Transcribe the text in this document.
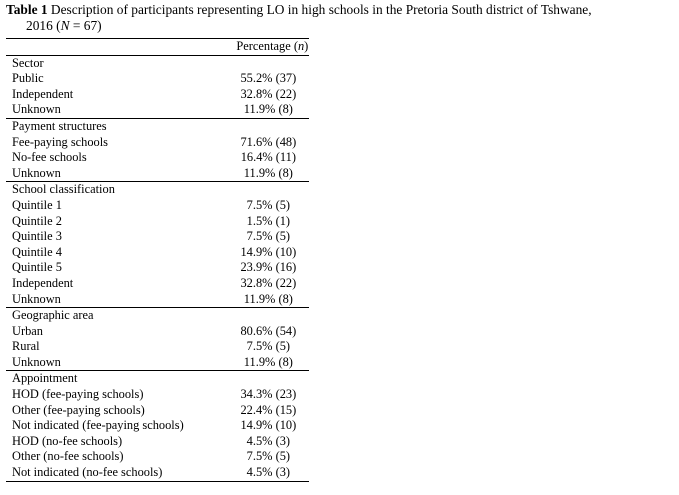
Table 1 Description of participants representing LO in high schools in the Pretoria South district of Tshwane,
2016 (N = 67)
	Percentage (n)
Sector	
Public	55.2% (37)
Independent	32.8% (22)
Unknown	11.9% (8)
Payment structures	
Fee-paying schools	71.6% (48)
No-fee schools	16.4% (11)
Unknown	11.9% (8)
School classification	
Quintile 1	7.5% (5)
Quintile 2	1.5% (1)
Quintile 3	7.5% (5)
Quintile 4	14.9% (10)
Quintile 5	23.9% (16)
Independent	32.8% (22)
Unknown	11.9% (8)
Geographic area	
Urban	80.6% (54)
Rural	7.5% (5)
Unknown	11.9% (8)
Appointment	
HOD (fee-paying schools)	34.3% (23)
Other (fee-paying schools)	22.4% (15)
Not indicated (fee-paying schools)	14.9% (10)
HOD (no-fee schools)	4.5% (3)
Other (no-fee schools)	7.5% (5)
Not indicated (no-fee schools)	4.5% (3)
